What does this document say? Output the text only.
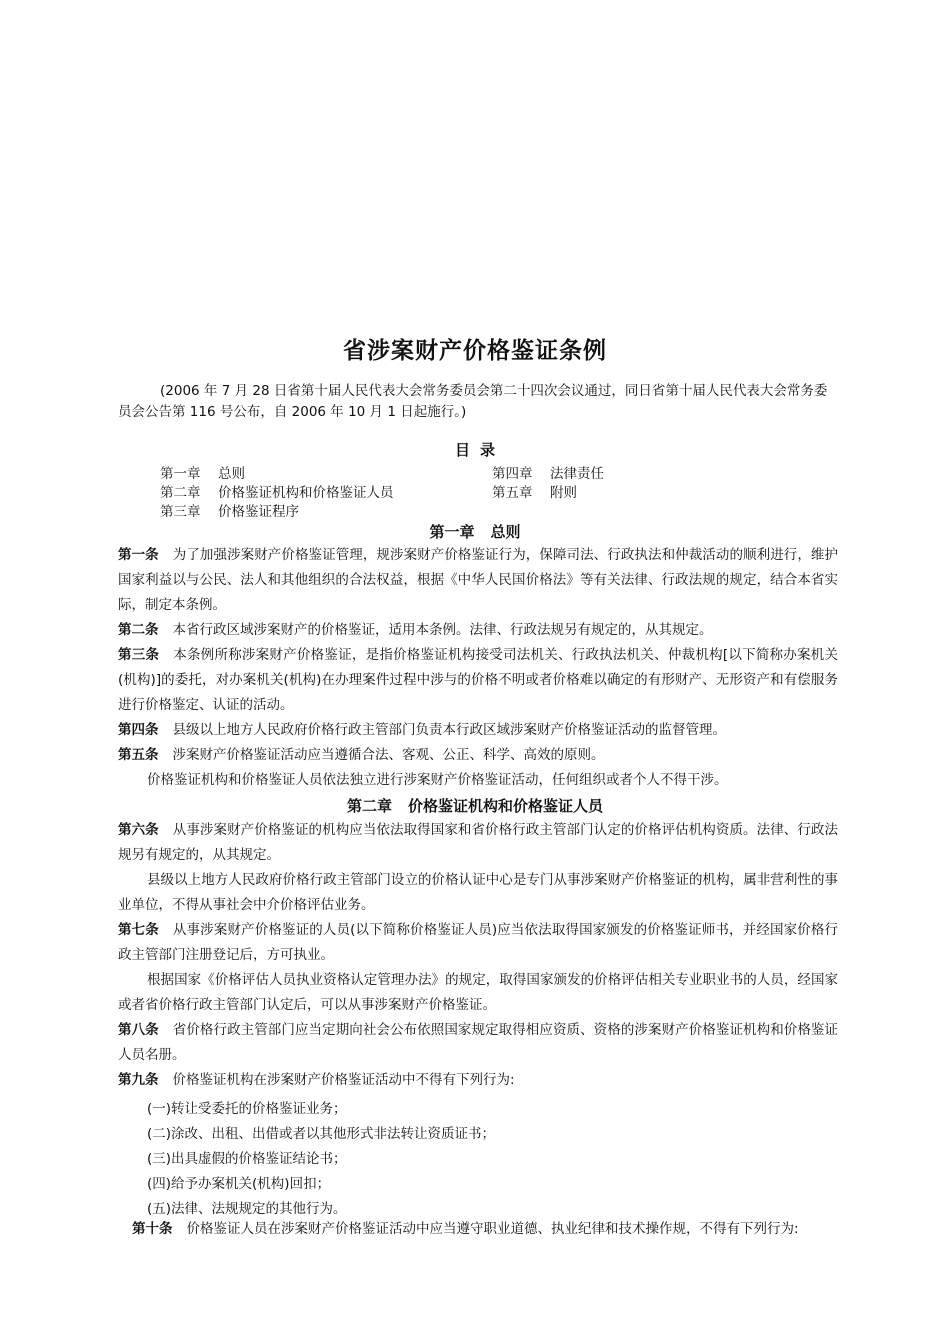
省涉案财产价格鉴证条例
(2006 年 7 月 28 日省第十届人民代表大会常务委员会第二十四次会议通过，同日省第十届人民代表大会常务委员会公告第 116 号公布，自 2006 年 10 月 1 日起施行。)
目 录
第一章 总则
第二章 价格鉴证机构和价格鉴证人员
第三章 价格鉴证程序
第四章 法律责任
第五章 附则
第一章 总则
第一条 为了加强涉案财产价格鉴证管理，规涉案财产价格鉴证行为，保障司法、行政执法和仲裁活动的顺利进行，维护国家利益以与公民、法人和其他组织的合法权益，根据《中华人民国价格法》等有关法律、行政法规的规定，结合本省实际，制定本条例。
第二条 本省行政区域涉案财产的价格鉴证，适用本条例。法律、行政法规另有规定的，从其规定。
第三条 本条例所称涉案财产价格鉴证，是指价格鉴证机构接受司法机关、行政执法机关、仲裁机构[以下简称办案机关(机构)]的委托，对办案机关(机构)在办理案件过程中涉与的价格不明或者价格难以确定的有形财产、无形资产和有偿服务进行价格鉴定、认证的活动。
第四条 县级以上地方人民政府价格行政主管部门负责本行政区域涉案财产价格鉴证活动的监督管理。
第五条 涉案财产价格鉴证活动应当遵循合法、客观、公正、科学、高效的原则。
价格鉴证机构和价格鉴证人员依法独立进行涉案财产价格鉴证活动，任何组织或者个人不得干涉。
第二章 价格鉴证机构和价格鉴证人员
第六条 从事涉案财产价格鉴证的机构应当依法取得国家和省价格行政主管部门认定的价格评估机构资质。法律、行政法规另有规定的，从其规定。
县级以上地方人民政府价格行政主管部门设立的价格认证中心是专门从事涉案财产价格鉴证的机构，属非营利性的事业单位，不得从事社会中介价格评估业务。
第七条 从事涉案财产价格鉴证的人员(以下简称价格鉴证人员)应当依法取得国家颁发的价格鉴证师书，并经国家价格行政主管部门注册登记后，方可执业。
根据国家《价格评估人员执业资格认定管理办法》的规定，取得国家颁发的价格评估相关专业职业书的人员，经国家或者省价格行政主管部门认定后，可以从事涉案财产价格鉴证。
第八条 省价格行政主管部门应当定期向社会公布依照国家规定取得相应资质、资格的涉案财产价格鉴证机构和价格鉴证人员名册。
第九条 价格鉴证机构在涉案财产价格鉴证活动中不得有下列行为:
(一)转让受委托的价格鉴证业务；
(二)涂改、出租、出借或者以其他形式非法转让资质证书；
(三)出具虚假的价格鉴证结论书；
(四)给予办案机关(机构)回扣；
(五)法律、法规规定的其他行为。
第十条 价格鉴证人员在涉案财产价格鉴证活动中应当遵守职业道德、执业纪律和技术操作规，不得有下列行为:
